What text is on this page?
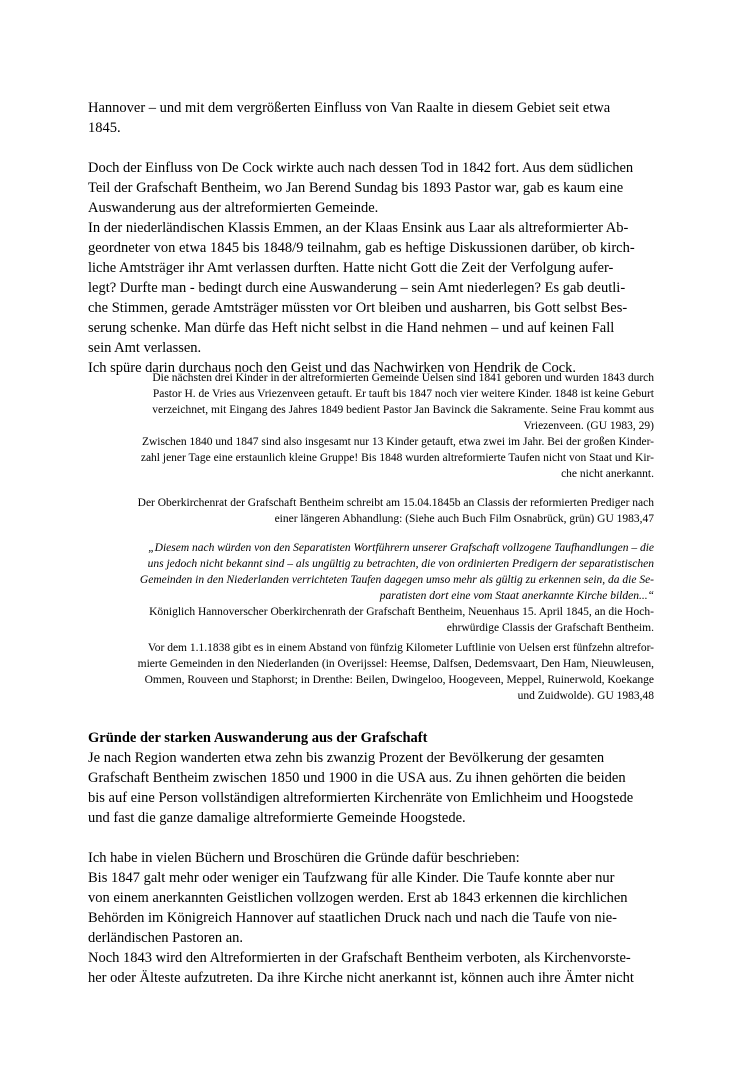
Hannover – und mit dem vergrößerten Einfluss von Van Raalte in diesem Gebiet seit etwa

1845.

Doch der Einfluss von De Cock wirkte auch nach dessen Tod in 1842 fort. Aus dem südlichen

Teil der Grafschaft Bentheim, wo Jan Berend Sundag bis 1893 Pastor war, gab es kaum eine

Auswanderung aus der altreformierten Gemeinde.

In der niederländischen Klassis Emmen, an der Klaas Ensink aus Laar als altreformierter Ab-

geordneter von etwa 1845 bis 1848/9 teilnahm, gab es heftige Diskussionen darüber, ob kirch-

liche Amtsträger ihr Amt verlassen durften. Hatte nicht Gott die Zeit der Verfolgung aufer-

legt? Durfte man - bedingt durch eine Auswanderung – sein Amt niederlegen? Es gab deutli-

che Stimmen, gerade Amtsträger müssten vor Ort bleiben und ausharren, bis Gott selbst Bes-

serung schenke. Man dürfe das Heft nicht selbst in die Hand nehmen – und auf keinen Fall

sein Amt verlassen.

Ich spüre darin durchaus noch den Geist und das Nachwirken von Hendrik de Cock.

Die nächsten drei Kinder in der altreformierten Gemeinde Uelsen sind 1841 geboren und wurden 1843 durch

Pastor H. de Vries aus Vriezenveen getauft. Er tauft bis 1847 noch vier weitere Kinder. 1848 ist keine Geburt

verzeichnet, mit Eingang des Jahres 1849 bedient Pastor Jan Bavinck die Sakramente. Seine Frau kommt aus

Vriezenveen. (GU 1983, 29)

Zwischen 1840 und 1847 sind also insgesamt nur 13 Kinder getauft, etwa zwei im Jahr. Bei der großen Kinder-

zahl jener Tage eine erstaunlich kleine Gruppe! Bis 1848 wurden altreformierte Taufen nicht von Staat und Kir-

che nicht anerkannt.

Der Oberkirchenrat der Grafschaft Bentheim schreibt am 15.04.1845b an Classis der reformierten Prediger nach

einer längeren Abhandlung: (Siehe auch Buch Film Osnabrück, grün) GU 1983,47

„Diesem nach würden von den Separatisten Wortführern unserer Grafschaft vollzogene Taufhandlungen – die

uns jedoch nicht bekannt sind – als ungültig zu betrachten, die von ordinierten Predigern der separatistischen

Gemeinden in den Niederlanden verrichteten Taufen dagegen umso mehr als gültig zu erkennen sein, da die Se-

paratisten dort eine vom Staat anerkannte Kirche bilden...“

Königlich Hannoverscher Oberkirchenrath der Grafschaft Bentheim, Neuenhaus 15. April 1845, an die Hoch-

ehrwürdige Classis der Grafschaft Bentheim.

Vor dem 1.1.1838 gibt es in einem Abstand von fünfzig Kilometer Luftlinie von Uelsen erst fünfzehn altrefor-

mierte Gemeinden in den Niederlanden (in Overijssel: Heemse, Dalfsen, Dedemsvaart, Den Ham, Nieuwleusen,

Ommen, Rouveen und Staphorst; in Drenthe: Beilen, Dwingeloo, Hoogeveen, Meppel, Ruinerwold, Koekange

und Zuidwolde). GU 1983,48

Gründe der starken Auswanderung aus der Grafschaft

Je nach Region wanderten etwa zehn bis zwanzig Prozent der Bevölkerung der gesamten

Grafschaft Bentheim zwischen 1850 und 1900 in die USA aus. Zu ihnen gehörten die beiden

bis auf eine Person vollständigen altreformierten Kirchenräte von Emlichheim und Hoogstede

und fast die ganze damalige altreformierte Gemeinde Hoogstede.

Ich habe in vielen Büchern und Broschüren die Gründe dafür beschrieben:

Bis 1847 galt mehr oder weniger ein Taufzwang für alle Kinder. Die Taufe konnte aber nur

von einem anerkannten Geistlichen vollzogen werden. Erst ab 1843 erkennen die kirchlichen

Behörden im Königreich Hannover auf staatlichen Druck nach und nach die Taufe von nie-

derländischen Pastoren an.

Noch 1843 wird den Altreformierten in der Grafschaft Bentheim verboten, als Kirchenvorste-

her oder Älteste aufzutreten. Da ihre Kirche nicht anerkannt ist, können auch ihre Ämter nicht
